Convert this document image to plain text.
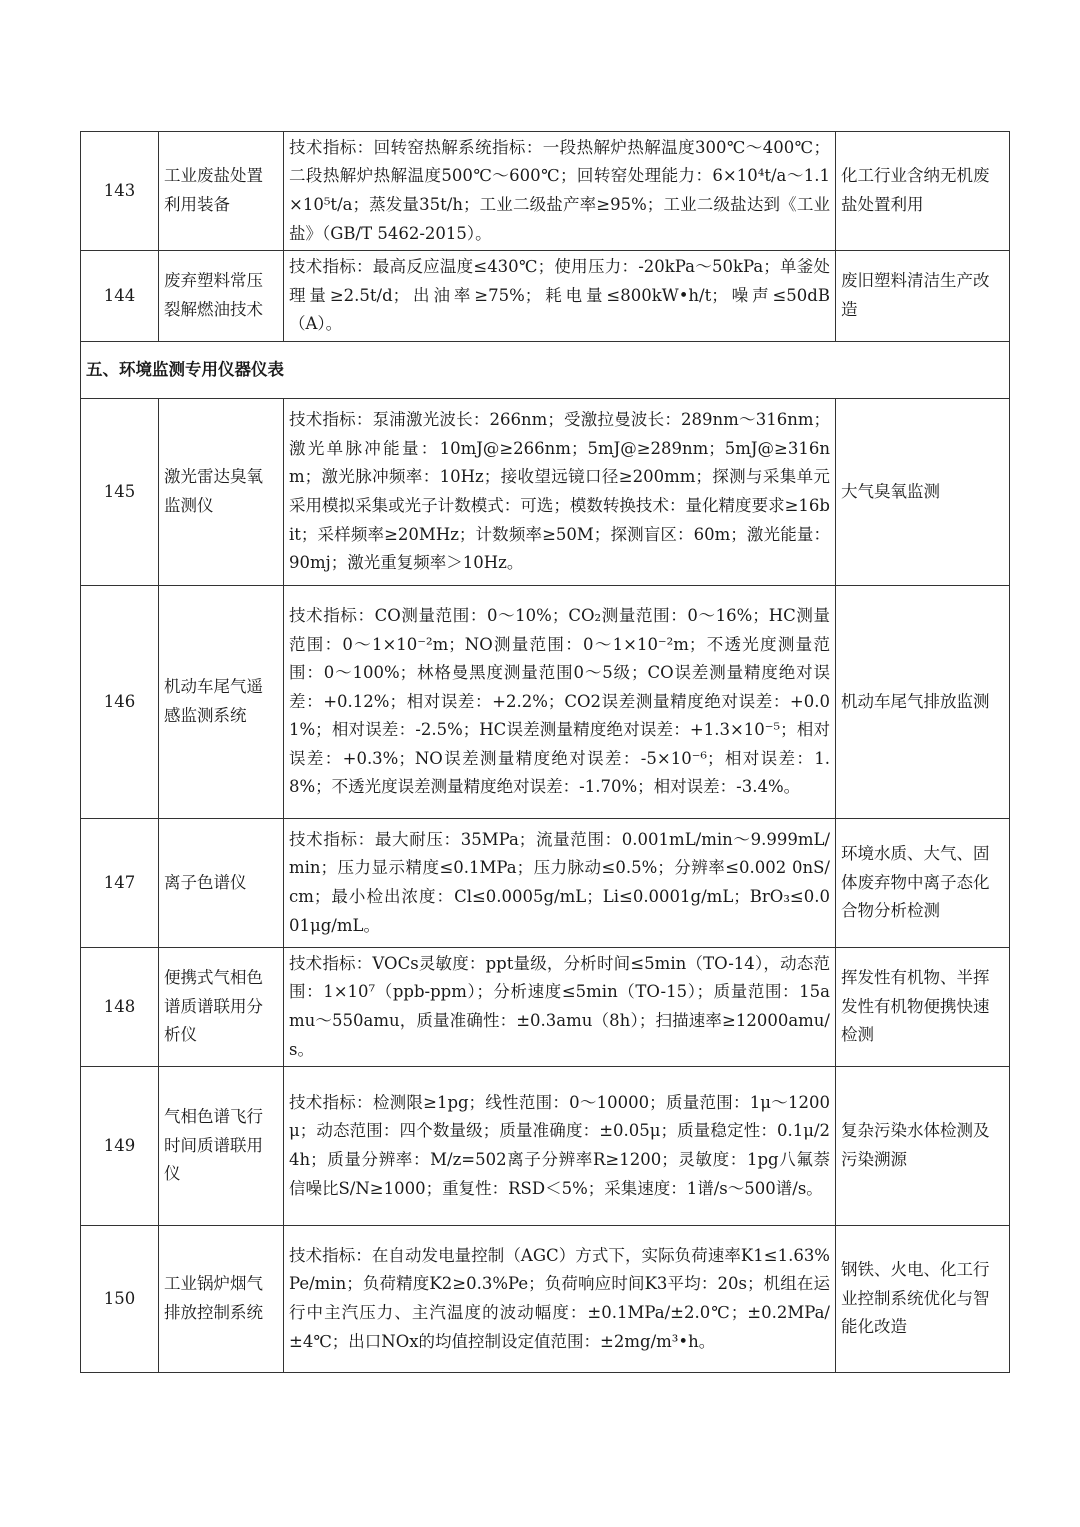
143	工业废盐处置利用装备	技术指标：回转窑热解系统指标：一段热解炉热解温度300℃～400℃；二段热解炉热解温度500℃～600℃；回转窑处理能力：6×10⁴t/a～1.1×10⁵t/a；蒸发量35t/h；工业二级盐产率≥95%；工业二级盐达到《工业盐》（GB/T 5462-2015）。	化工行业含纳无机废盐处置利用
144	废弃塑料常压裂解燃油技术	技术指标：最高反应温度≤430℃；使用压力：-20kPa～50kPa；单釜处理量≥2.5t/d；出油率≥75%；耗电量≤800kW•h/t；噪声≤50dB（A）。	废旧塑料清洁生产改造
五、环境监测专用仪器仪表			
145	激光雷达臭氧监测仪	技术指标：泵浦激光波长：266nm；受激拉曼波长：289nm～316nm；激光单脉冲能量：10mJ@≥266nm；5mJ@≥289nm；5mJ@≥316nm；激光脉冲频率：10Hz；接收望远镜口径≥200mm；探测与采集单元采用模拟采集或光子计数模式：可选；模数转换技术：量化精度要求≥16bit；采样频率≥20MHz；计数频率≥50M；探测盲区：60m；激光能量：90mj；激光重复频率＞10Hz。	大气臭氧监测
146	机动车尾气遥感监测系统	技术指标：CO测量范围：0～10%；CO₂测量范围：0～16%；HC测量范围：0～1×10⁻²m；NO测量范围：0～1×10⁻²m；不透光度测量范围：0～100%；林格曼黑度测量范围0～5级；CO误差测量精度绝对误差：+0.12%；相对误差：+2.2%；CO2误差测量精度绝对误差：+0.01%；相对误差：-2.5%；HC误差测量精度绝对误差：+1.3×10⁻⁵；相对误差：+0.3%；NO误差测量精度绝对误差：-5×10⁻⁶；相对误差：1.8%；不透光度误差测量精度绝对误差：-1.70%；相对误差：-3.4%。	机动车尾气排放监测
147	离子色谱仪	技术指标：最大耐压：35MPa；流量范围：0.001mL/min～9.999mL/min；压力显示精度≤0.1MPa；压力脉动≤0.5%；分辨率≤0.002 0nS/cm；最小检出浓度：Cl≤0.0005g/mL；Li≤0.0001g/mL；BrO₃≤0.001μg/mL。	环境水质、大气、固体废弃物中离子态化合物分析检测
148	便携式气相色谱质谱联用分析仪	技术指标：VOCs灵敏度：ppt量级，分析时间≤5min（TO-14），动态范围：1×10⁷（ppb-ppm）；分析速度≤5min（TO-15）；质量范围：15amu～550amu，质量准确性：±0.3amu（8h）；扫描速率≥12000amu/s。	挥发性有机物、半挥发性有机物便携快速检测
149	气相色谱飞行时间质谱联用仪	技术指标：检测限≥1pg；线性范围：0～10000；质量范围：1μ～1200μ；动态范围：四个数量级；质量准确度：±0.05μ；质量稳定性：0.1μ/24h；质量分辨率：M/z=502离子分辨率R≥1200；灵敏度：1pg八氟萘信噪比S/N≥1000；重复性：RSD＜5%；采集速度：1谱/s～500谱/s。	复杂污染水体检测及污染溯源
150	工业锅炉烟气排放控制系统	技术指标：在自动发电量控制（AGC）方式下，实际负荷速率K1≤1.63%Pe/min；负荷精度K2≥0.3%Pe；负荷响应时间K3平均：20s；机组在运行中主汽压力、主汽温度的波动幅度：±0.1MPa/±2.0℃；±0.2MPa/±4℃；出口NOx的均值控制设定值范围：±2mg/m³•h。	钢铁、火电、化工行业控制系统优化与智能化改造
